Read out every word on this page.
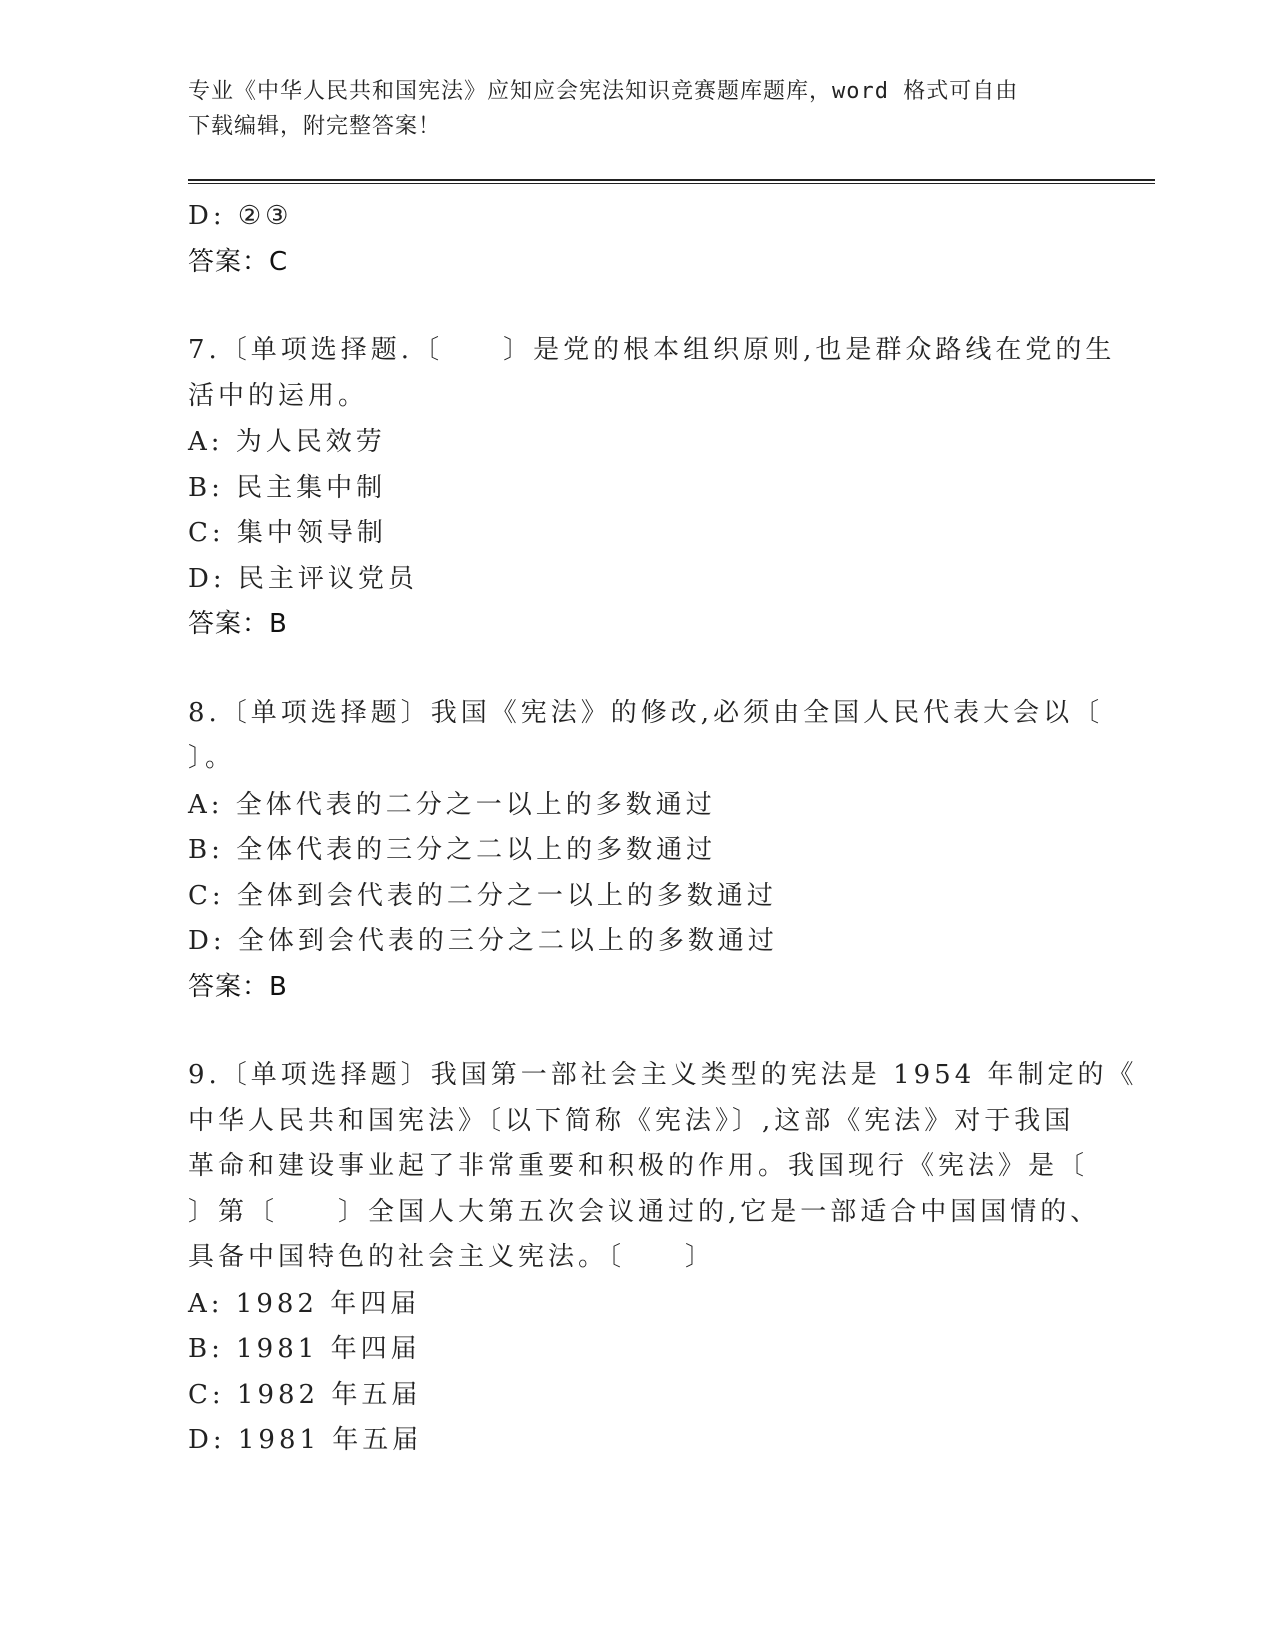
专业《中华人民共和国宪法》应知应会宪法知识竞赛题库题库，word 格式可自由
下载编辑，附完整答案！
D: ②③
答案：C
7.〔单项选择题.〔　　〕是党的根本组织原则,也是群众路线在党的生
活中的运用。
A: 为人民效劳
B: 民主集中制
C: 集中领导制
D: 民主评议党员
答案：B
8.〔单项选择题〕我国《宪法》的修改,必须由全国人民代表大会以〔
〕。
A: 全体代表的二分之一以上的多数通过
B: 全体代表的三分之二以上的多数通过
C: 全体到会代表的二分之一以上的多数通过
D: 全体到会代表的三分之二以上的多数通过
答案：B
9.〔单项选择题〕我国第一部社会主义类型的宪法是 1954 年制定的《
中华人民共和国宪法》〔以下简称《宪法》〕,这部《宪法》对于我国
革命和建设事业起了非常重要和积极的作用。我国现行《宪法》是〔
〕第〔　　〕全国人大第五次会议通过的,它是一部适合中国国情的、
具备中国特色的社会主义宪法。〔　　〕
A: 1982 年四届
B: 1981 年四届
C: 1982 年五届
D: 1981 年五届
